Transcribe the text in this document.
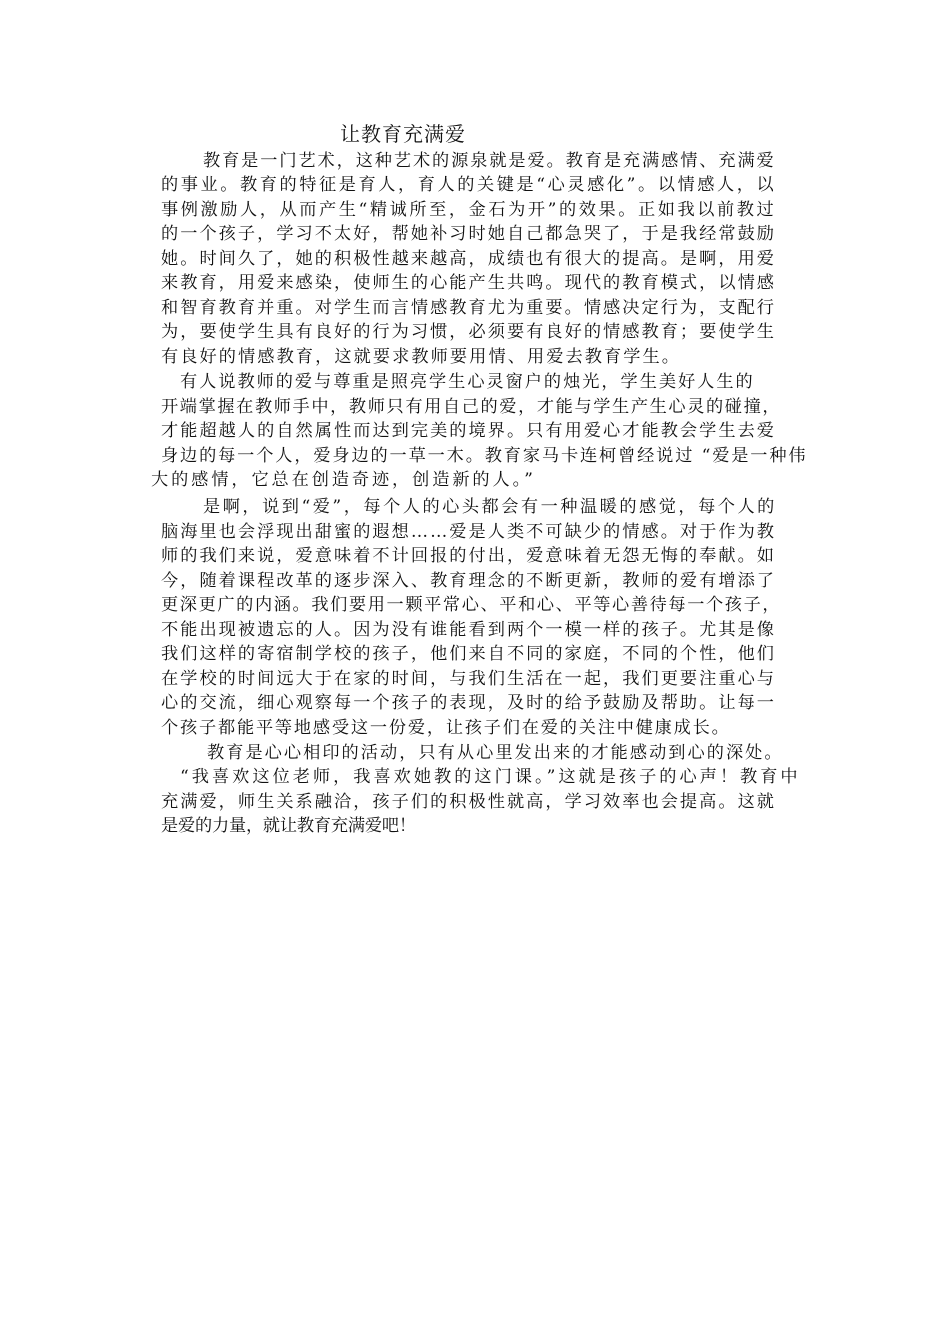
让教育充满爱
教育是一门艺术，这种艺术的源泉就是爱。教育是充满感情、充满爱
的事业。教育的特征是育人，育人的关键是“心灵感化”。以情感人，以
事例激励人，从而产生“精诚所至，金石为开”的效果。正如我以前教过
的一个孩子，学习不太好，帮她补习时她自己都急哭了，于是我经常鼓励
她。时间久了，她的积极性越来越高，成绩也有很大的提高。是啊，用爱
来教育，用爱来感染，使师生的心能产生共鸣。现代的教育模式，以情感
和智育教育并重。对学生而言情感教育尤为重要。情感决定行为，支配行
为，要使学生具有良好的行为习惯，必须要有良好的情感教育；要使学生
有良好的情感教育，这就要求教师要用情、用爱去教育学生。
有人说教师的爱与尊重是照亮学生心灵窗户的烛光，学生美好人生的
开端掌握在教师手中，教师只有用自己的爱，才能与学生产生心灵的碰撞，
才能超越人的自然属性而达到完美的境界。只有用爱心才能教会学生去爱
身边的每一个人，爱身边的一草一木。教育家马卡连柯曾经说过 “爱是一种伟
大的感情，它总在创造奇迹，创造新的人。”
是啊，说到“爱”，每个人的心头都会有一种温暖的感觉，每个人的
脑海里也会浮现出甜蜜的遐想……爱是人类不可缺少的情感。对于作为教
师的我们来说，爱意味着不计回报的付出，爱意味着无怨无悔的奉献。如
今，随着课程改革的逐步深入、教育理念的不断更新，教师的爱有增添了
更深更广的内涵。我们要用一颗平常心、平和心、平等心善待每一个孩子，
不能出现被遗忘的人。因为没有谁能看到两个一模一样的孩子。尤其是像
我们这样的寄宿制学校的孩子，他们来自不同的家庭，不同的个性，他们
在学校的时间远大于在家的时间，与我们生活在一起，我们更要注重心与
心的交流，细心观察每一个孩子的表现，及时的给予鼓励及帮助。让每一
个孩子都能平等地感受这一份爱，让孩子们在爱的关注中健康成长。
教育是心心相印的活动，只有从心里发出来的才能感动到心的深处。
“我喜欢这位老师，我喜欢她教的这门课。”这就是孩子的心声！教育中
充满爱，师生关系融洽，孩子们的积极性就高，学习效率也会提高。这就
是爱的力量，就让教育充满爱吧！
